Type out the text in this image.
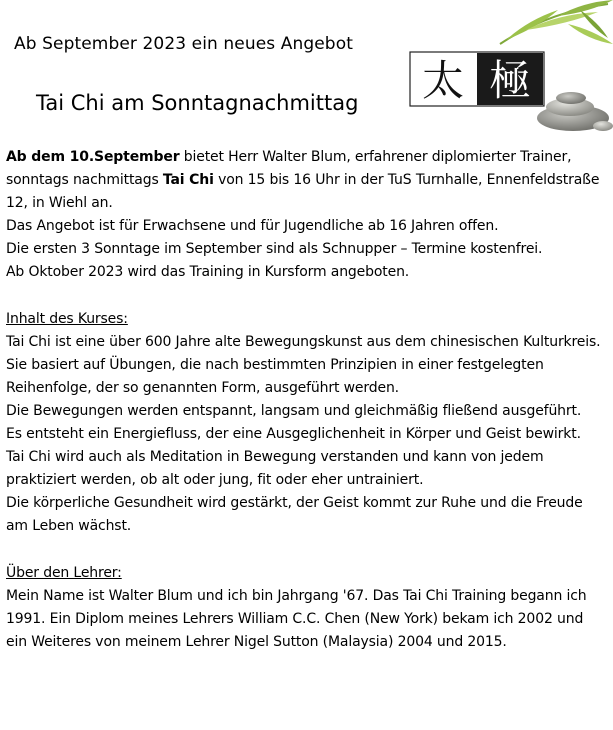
Ab September 2023 ein neues Angebot
Tai Chi am Sonntagnachmittag 太 極

Ab dem 10.September bietet Herr Walter Blum, erfahrener diplomierter Trainer, sonntags nachmittags Tai Chi von 15 bis 16 Uhr in der TuS Turnhalle, Ennenfeldstraße 12, in Wiehl an.

Das Angebot ist für Erwachsene und für Jugendliche ab 16 Jahren offen.

Die ersten 3 Sonntage im September sind als Schnupper – Termine kostenfrei.

Ab Oktober 2023 wird das Training in Kursform angeboten.

Inhalt des Kurses:

Tai Chi ist eine über 600 Jahre alte Bewegungskunst aus dem chinesischen Kulturkreis.

Sie basiert auf Übungen, die nach bestimmten Prinzipien in einer festgelegten Reihenfolge, der so genannten Form, ausgeführt werden.

Die Bewegungen werden entspannt, langsam und gleichmäßig fließend ausgeführt.

Es entsteht ein Energiefluss, der eine Ausgeglichenheit in Körper und Geist bewirkt.

Tai Chi wird auch als Meditation in Bewegung verstanden und kann von jedem praktiziert werden, ob alt oder jung, fit oder eher untrainiert.

Die körperliche Gesundheit wird gestärkt, der Geist kommt zur Ruhe und die Freude am Leben wächst.

Über den Lehrer:

Mein Name ist Walter Blum und ich bin Jahrgang '67. Das Tai Chi Training begann ich 1991. Ein Diplom meines Lehrers William C.C. Chen (New York) bekam ich 2002 und ein Weiteres von meinem Lehrer Nigel Sutton (Malaysia) 2004 und 2015.
